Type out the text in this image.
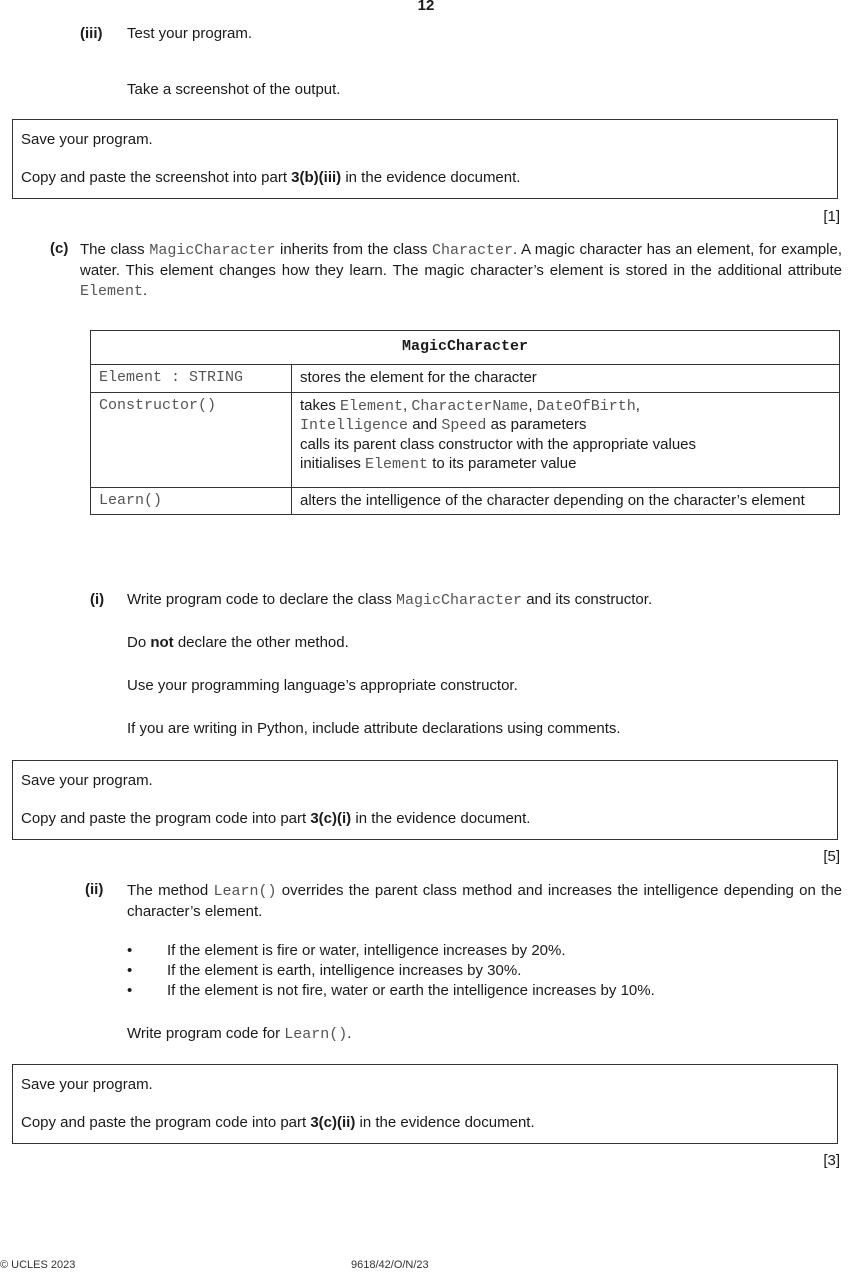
12
(iii) Test your program.
Take a screenshot of the output.

Save your program.

Copy and paste the screenshot into part 3(b)(iii) in the evidence document.

[1]
(c) The class MagicCharacter inherits from the class Character. A magic character has an element, for example, water. This element changes how they learn. The magic character’s element is stored in the additional attribute Element.
MagicCharacter	
Element : STRING	stores the element for the character
Constructor()	takes Element, CharacterName, DateOfBirth,
Intelligence and Speed as parameters
calls its parent class constructor with the appropriate values
initialises Element to its parameter value
Learn()	alters the intelligence of the character depending on the character’s element
(i) Write program code to declare the class MagicCharacter and its constructor.
Do not declare the other method.
Use your programming language’s appropriate constructor.
If you are writing in Python, include attribute declarations using comments.

Save your program.

Copy and paste the program code into part 3(c)(i) in the evidence document.

[5]
(ii) The method Learn() overrides the parent class method and increases the intelligence depending on the character’s element.
• If the element is fire or water, intelligence increases by 20%.
• If the element is earth, intelligence increases by 30%.
• If the element is not fire, water or earth the intelligence increases by 10%.
Write program code for Learn().

Save your program.

Copy and paste the program code into part 3(c)(ii) in the evidence document.

[3]
© UCLES 2023	9618/42/O/N/23
